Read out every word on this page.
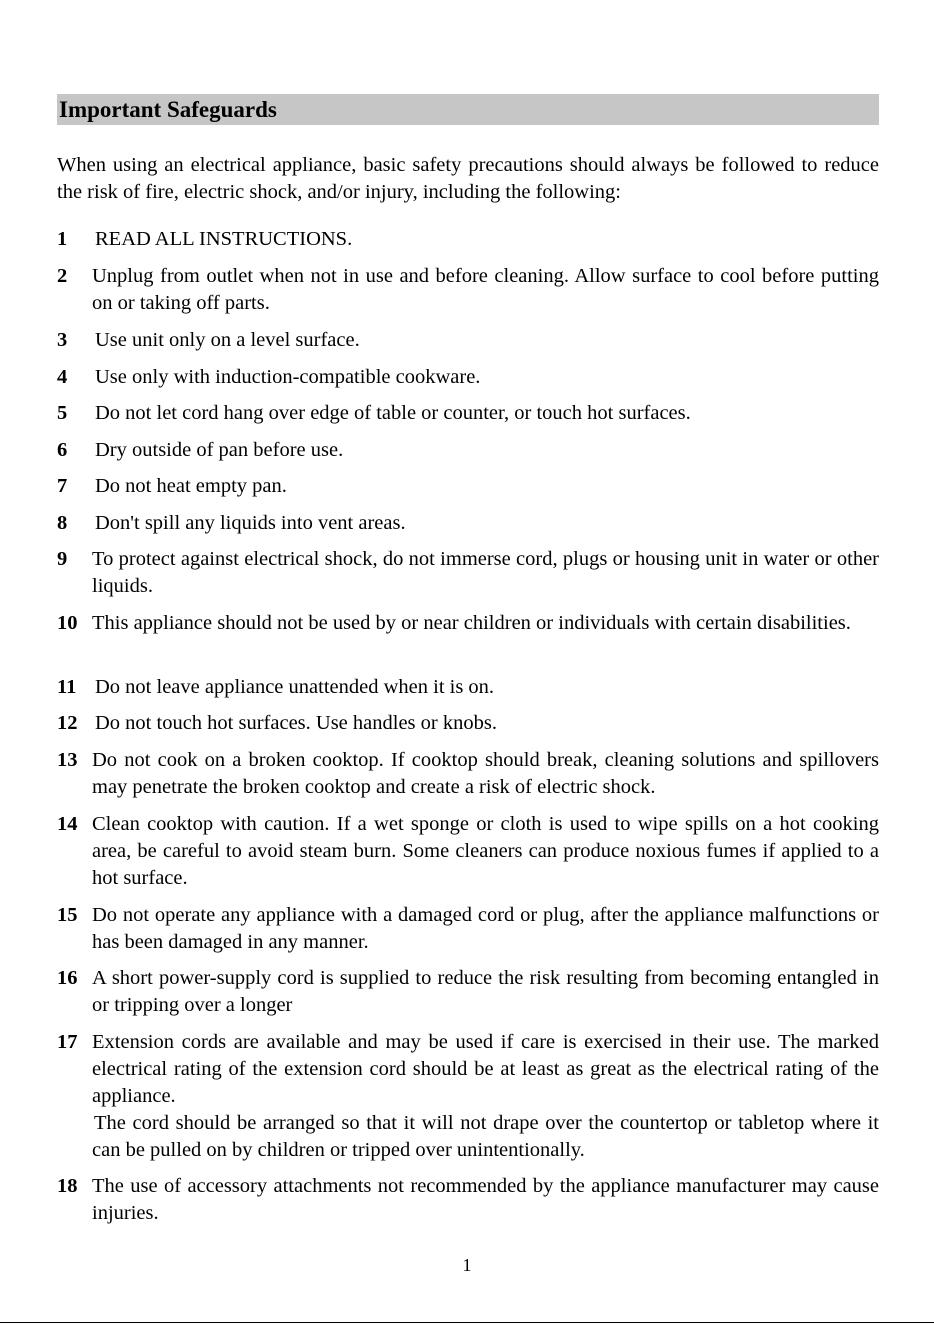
Important Safeguards
When using an electrical appliance, basic safety precautions should always be followed to reduce the risk of fire, electric shock, and/or injury, including the following:
1	READ ALL INSTRUCTIONS.
2	Unplug from outlet when not in use and before cleaning. Allow surface to cool before putting on or taking off parts.
3	Use unit only on a level surface.
4	Use only with induction-compatible cookware.
5	Do not let cord hang over edge of table or counter, or touch hot surfaces.
6	Dry outside of pan before use.
7	Do not heat empty pan.
8	Don't spill any liquids into vent areas.
9	To protect against electrical shock, do not immerse cord, plugs or housing unit in water or other liquids.
10 This appliance should not be used by or near children or individuals with certain disabilities.
11 Do not leave appliance unattended when it is on.
12 Do not touch hot surfaces. Use handles or knobs.
13 Do not cook on a broken cooktop. If cooktop should break, cleaning solutions and spillovers may penetrate the broken cooktop and create a risk of electric shock.
14 Clean cooktop with caution. If a wet sponge or cloth is used to wipe spills on a hot cooking area, be careful to avoid steam burn. Some cleaners can produce noxious fumes if applied to a hot surface.
15 Do not operate any appliance with a damaged cord or plug, after the appliance malfunctions or has been damaged in any manner.
16 A short power-supply cord is supplied to reduce the risk resulting from becoming entangled in or tripping over a longer
17 Extension cords are available and may be used if care is exercised in their use. The marked electrical rating of the extension cord should be at least as great as the electrical rating of the appliance.
The cord should be arranged so that it will not drape over the countertop or tabletop where it can be pulled on by children or tripped over unintentionally.
18 The use of accessory attachments not recommended by the appliance manufacturer may cause injuries.
1
